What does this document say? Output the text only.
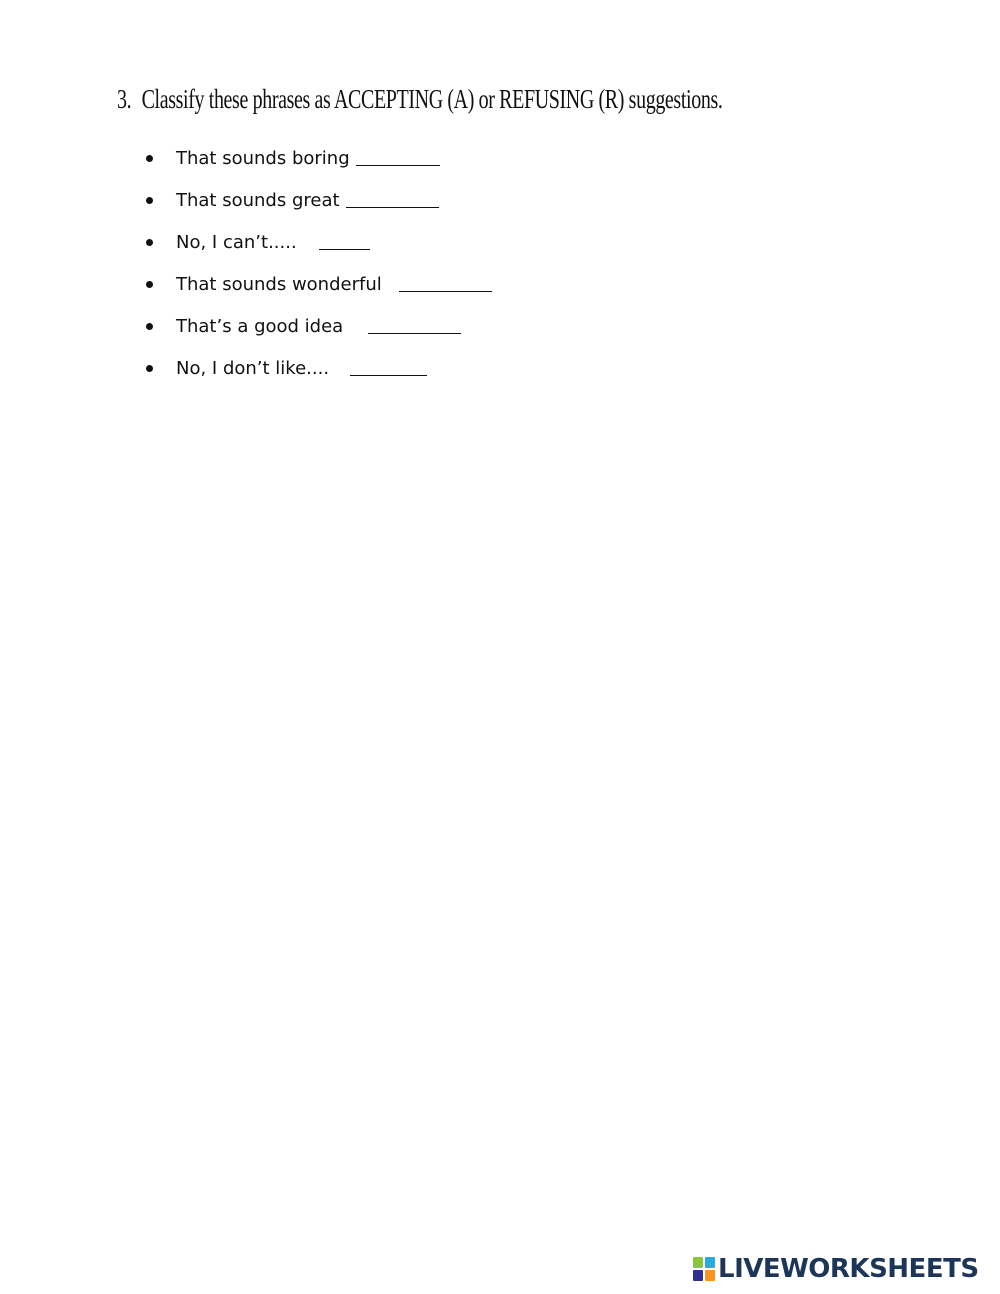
3. Classify these phrases as ACCEPTING (A) or REFUSING (R) suggestions.
That sounds boring
That sounds great
No, I can’t.....
That sounds wonderful
That’s a good idea
No, I don’t like....
LIVEWORKSHEETS
